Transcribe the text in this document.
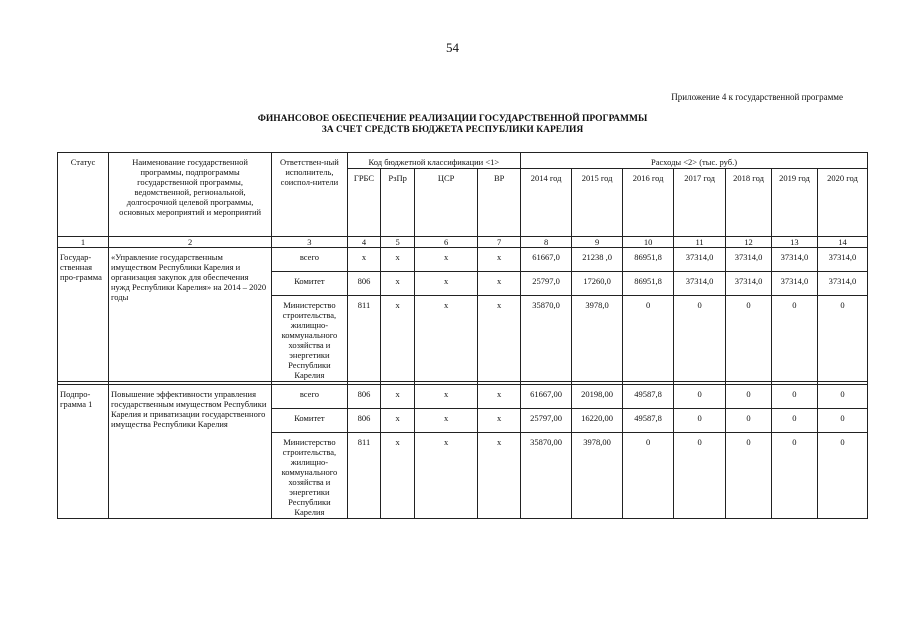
54
Приложение 4 к государственной программе
ФИНАНСОВОЕ ОБЕСПЕЧЕНИЕ РЕАЛИЗАЦИИ ГОСУДАРСТВЕННОЙ ПРОГРАММЫ
ЗА СЧЕТ СРЕДСТВ БЮДЖЕТА РЕСПУБЛИКИ КАРЕЛИЯ
Статус	Наименование государственной программы, подпрограммы государственной программы, ведомственной, региональной, долгосрочной целевой программы, основных мероприятий и мероприятий	Ответствен-ный исполнитель, соиспол-нители	Код бюджетной классификации <1>				Расходы <2> (тыс. руб.)						
			ГРБС	РзПр	ЦСР	ВР	2014 год	2015 год	2016 год	2017 год	2018 год	2019 год	2020 год
1	2	3	4	5	6	7	8	9	10	11	12	13	14
Государ-ственная про-грамма	«Управление государственным имуществом Республики Карелия и организация закупок для обеспечения нужд Республики Карелия» на 2014 – 2020 годы	всего	x	x	x	x	61667,0	21238 ,0	86951,8	37314,0	37314,0	37314,0	37314,0
		Комитет	806	x	x	x	25797,0	17260,0	86951,8	37314,0	37314,0	37314,0	37314,0
		Министерство строительства, жилищно-коммунального хозяйства и энергетики Республики Карелия	811	x	x	x	35870,0	3978,0	0	0	0	0	0

Подпро-грамма 1	Повышение эффективности управления государственным имуществом Республики Карелия и приватизации государственного имущества Республики Карелия	всего	806	x	x	x	61667,00	20198,00	49587,8	0	0	0	0
		Комитет	806	x	x	x	25797,00	16220,00	49587,8	0	0	0	0
		Министерство строительства, жилищно-коммунального хозяйства и энергетики Республики Карелия	811	x	x	x	35870,00	3978,00	0	0	0	0	0
